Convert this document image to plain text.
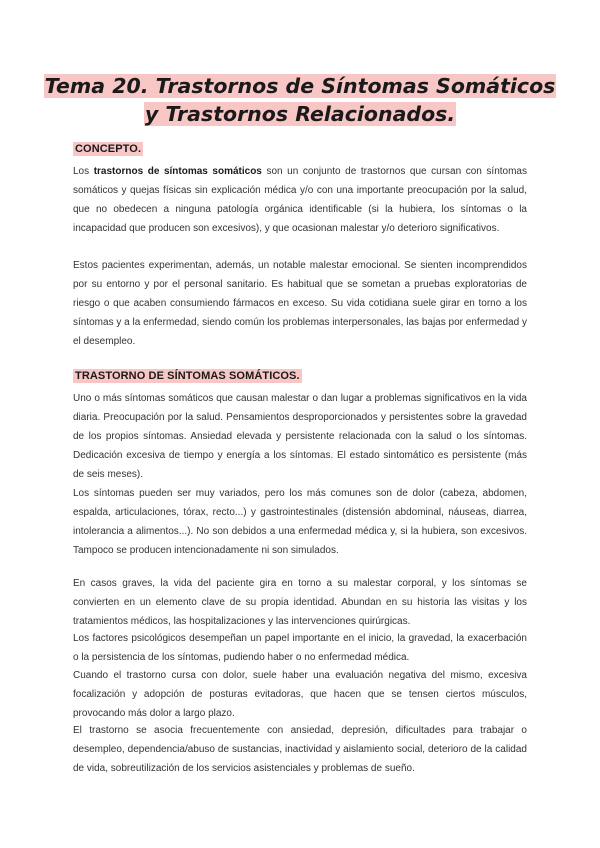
Tema 20. Trastornos de Síntomas Somáticos
y Trastornos Relacionados.
CONCEPTO.

Los trastornos de síntomas somáticos son un conjunto de trastornos que cursan con síntomas somáticos y quejas físicas sin explicación médica y/o con una importante preocupación por la salud, que no obedecen a ninguna patología orgánica identificable (si la hubiera, los síntomas o la incapacidad que producen son excesivos), y que ocasionan malestar y/o deterioro significativos.

Estos pacientes experimentan, además, un notable malestar emocional. Se sienten incomprendidos por su entorno y por el personal sanitario. Es habitual que se sometan a pruebas exploratorias de riesgo o que acaben consumiendo fármacos en exceso. Su vida cotidiana suele girar en torno a los síntomas y a la enfermedad, siendo común los problemas interpersonales, las bajas por enfermedad y el desempleo.

TRASTORNO DE SÍNTOMAS SOMÁTICOS.

Uno o más síntomas somáticos que causan malestar o dan lugar a problemas significativos en la vida diaria. Preocupación por la salud. Pensamientos desproporcionados y persistentes sobre la gravedad de los propios síntomas. Ansiedad elevada y persistente relacionada con la salud o los síntomas. Dedicación excesiva de tiempo y energía a los síntomas. El estado sintomático es persistente (más de seis meses).

Los síntomas pueden ser muy variados, pero los más comunes son de dolor (cabeza, abdomen, espalda, articulaciones, tórax, recto...) y gastrointestinales (distensión abdominal, náuseas, diarrea, intolerancia a alimentos...). No son debidos a una enfermedad médica y, si la hubiera, son excesivos. Tampoco se producen intencionadamente ni son simulados.

En casos graves, la vida del paciente gira en torno a su malestar corporal, y los síntomas se convierten en un elemento clave de su propia identidad. Abundan en su historia las visitas y los tratamientos médicos, las hospitalizaciones y las intervenciones quirúrgicas.

Los factores psicológicos desempeñan un papel importante en el inicio, la gravedad, la exacerbación o la persistencia de los síntomas, pudiendo haber o no enfermedad médica.

Cuando el trastorno cursa con dolor, suele haber una evaluación negativa del mismo, excesiva focalización y adopción de posturas evitadoras, que hacen que se tensen ciertos músculos, provocando más dolor a largo plazo.

El trastorno se asocia frecuentemente con ansiedad, depresión, dificultades para trabajar o desempleo, dependencia/abuso de sustancias, inactividad y aislamiento social, deterioro de la calidad de vida, sobreutilización de los servicios asistenciales y problemas de sueño.
